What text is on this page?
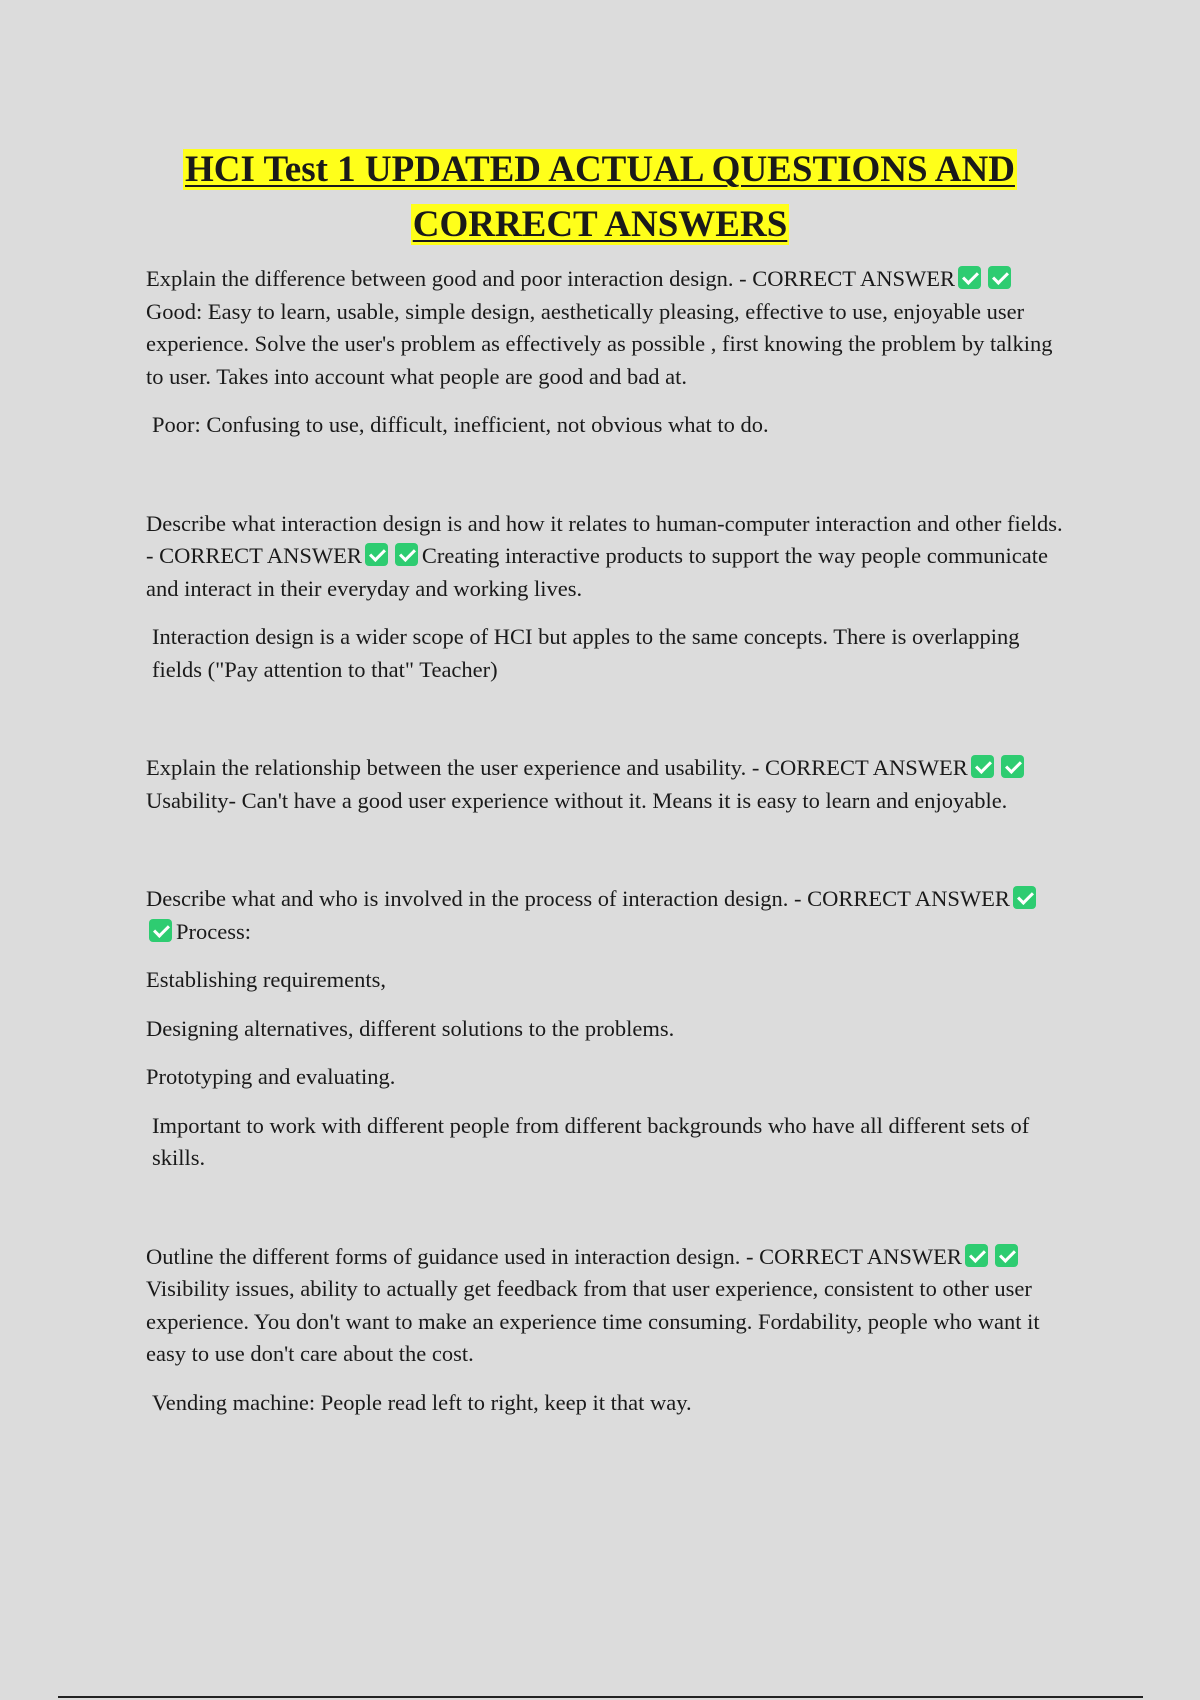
HCI Test 1 UPDATED ACTUAL QUESTIONS AND
CORRECT ANSWERS

Explain the difference between good and poor interaction design. - CORRECT ANSWERGood: Easy to learn, usable, simple design, aesthetically pleasing, effective to use, enjoyable user experience. Solve the user's problem as effectively as possible , first knowing the problem by talking to user. Takes into account what people are good and bad at.

Poor: Confusing to use, difficult, inefficient, not obvious what to do.

Describe what interaction design is and how it relates to human-computer interaction and other fields. - CORRECT ANSWER	Creating interactive products to support the way people communicate and interact in their everyday and working lives.

Interaction design is a wider scope of HCI but apples to the same concepts. There is overlapping fields ("Pay attention to that" Teacher)

Explain the relationship between the user experience and usability. - CORRECT ANSWERUsability- Can't have a good user experience without it. Means it is easy to learn and enjoyable.

Describe what and who is involved in the process of interaction design. - CORRECT ANSWERProcess:

Establishing requirements,

Designing alternatives, different solutions to the problems.

Prototyping and evaluating.

Important to work with different people from different backgrounds who have all different sets of skills.

Outline the different forms of guidance used in interaction design. - CORRECT ANSWERVisibility issues, ability to actually get feedback from that user experience, consistent to other user experience. You don't want to make an experience time consuming. Fordability, people who want it easy to use don't care about the cost.

Vending machine: People read left to right, keep it that way.
